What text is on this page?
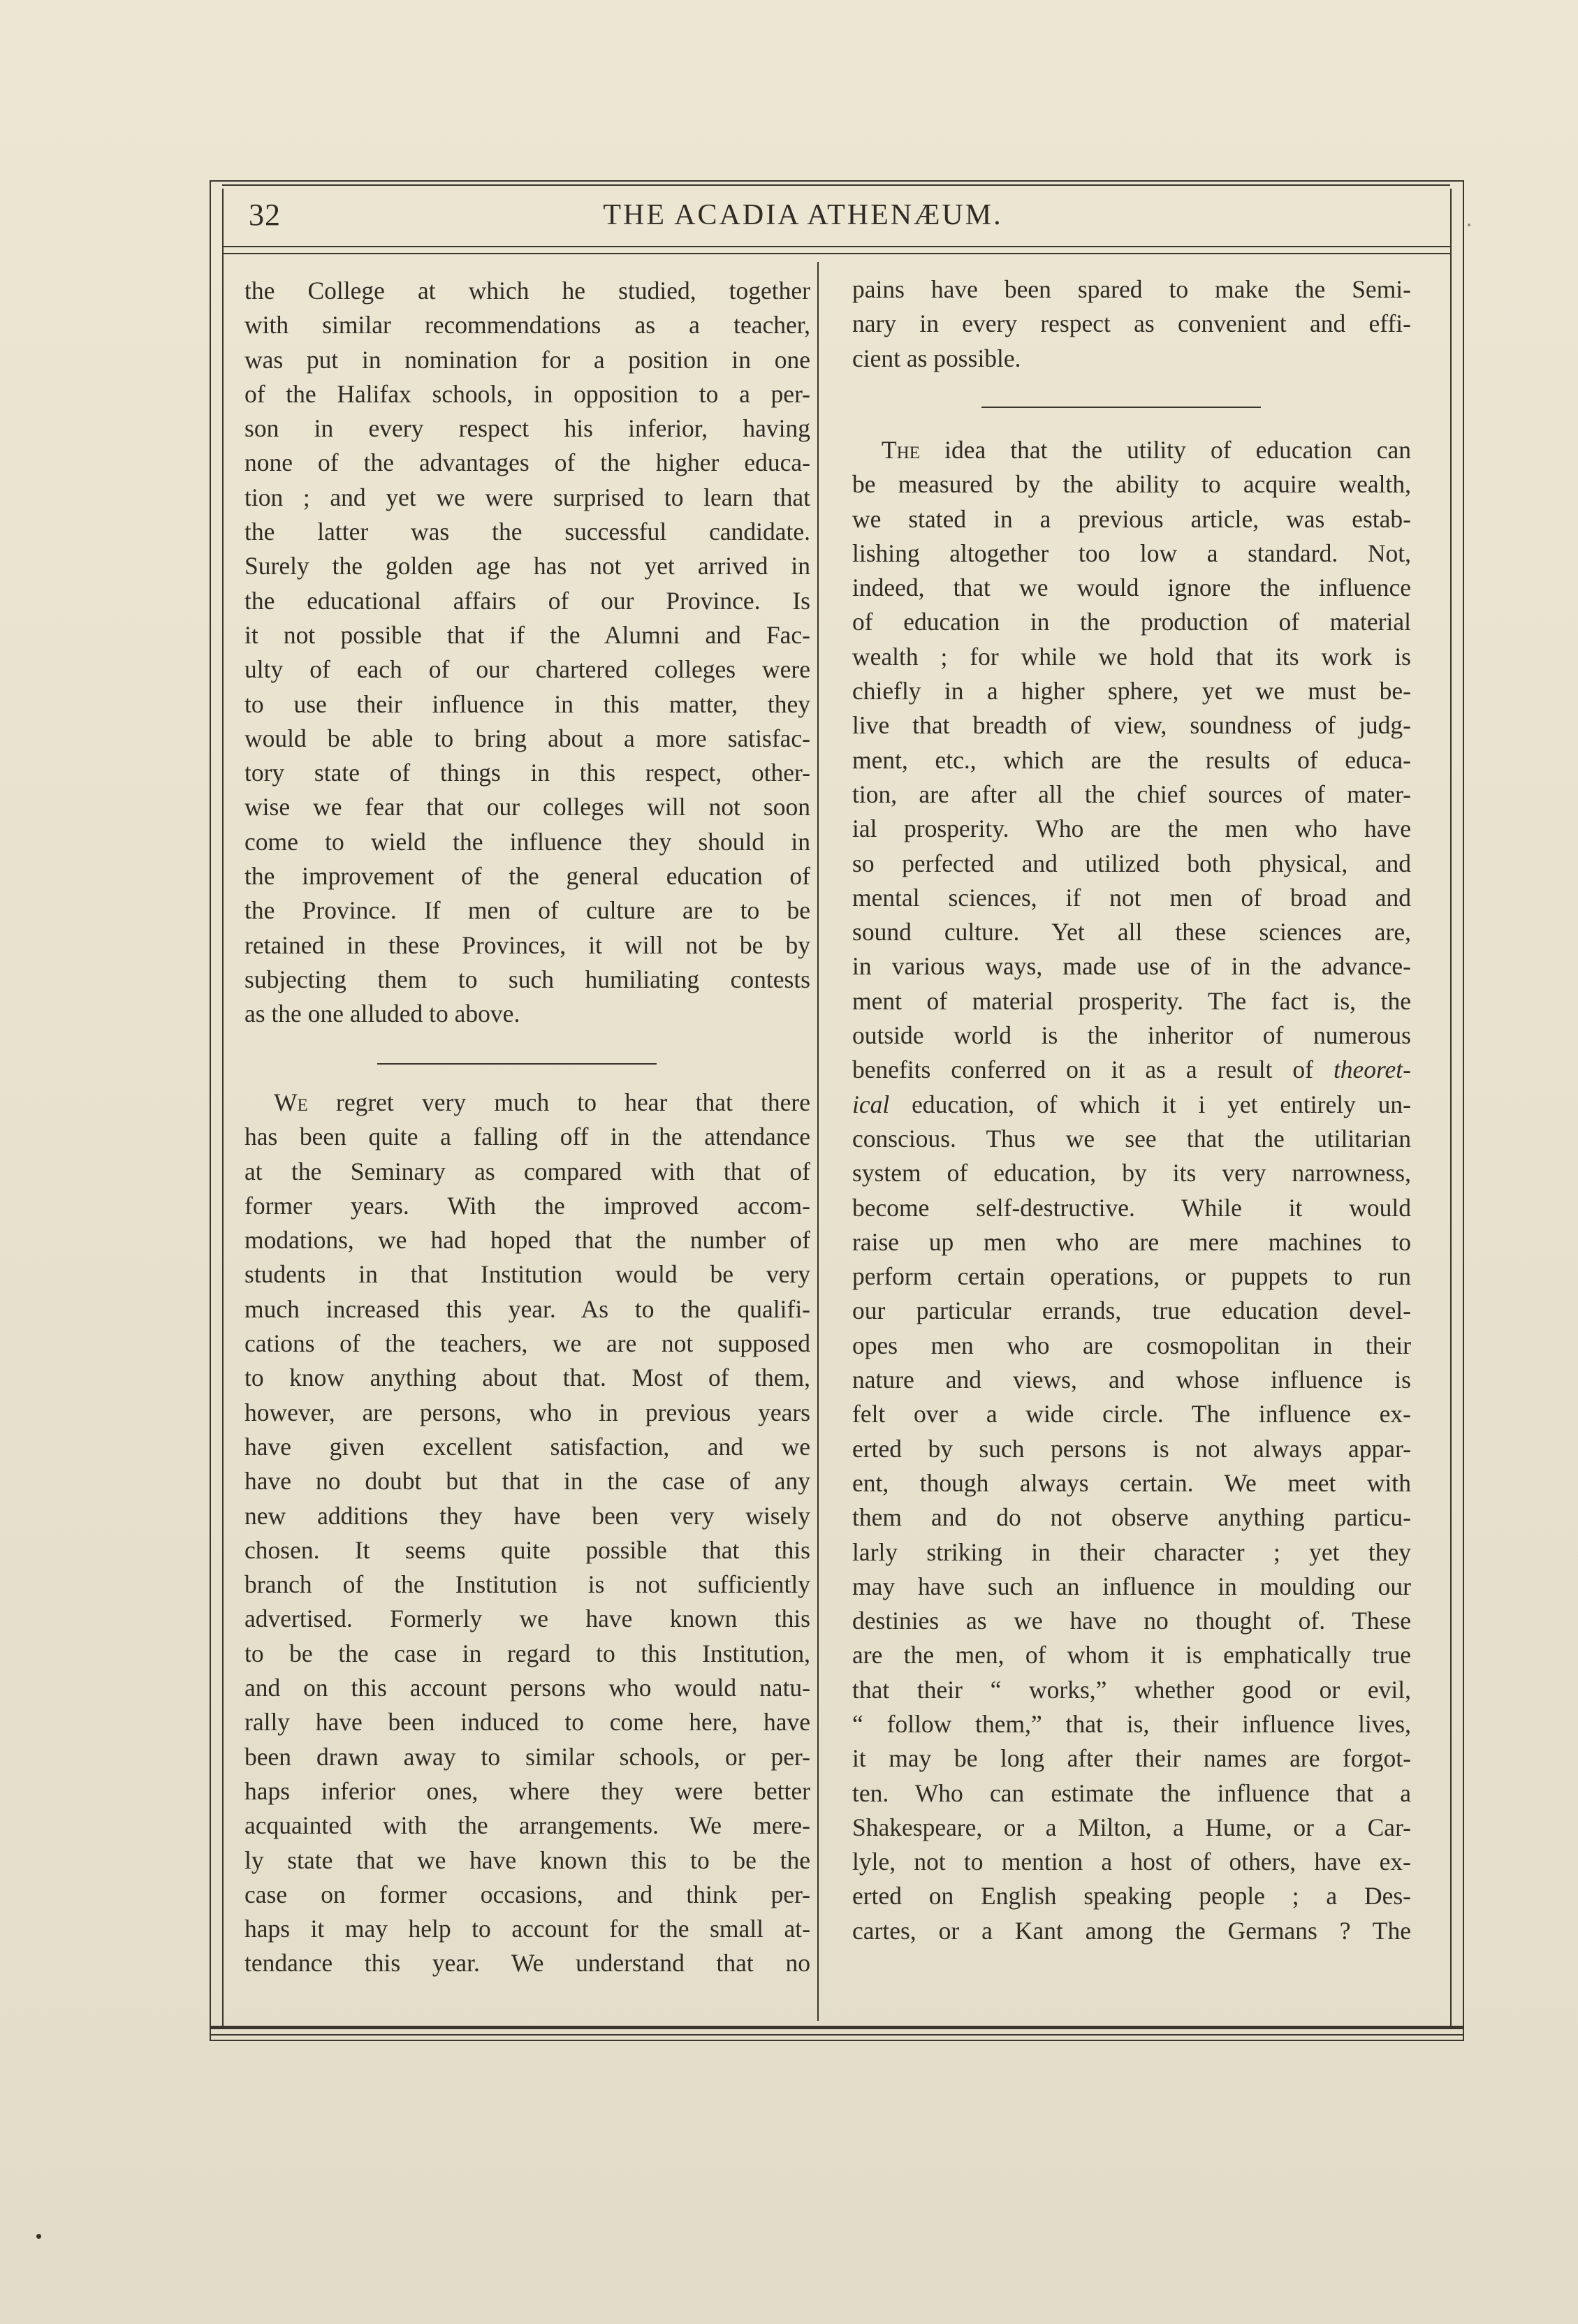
32	THE ACADIA ATHENÆUM.
the College at which he studied, together
with similar recommendations as a teacher,
was put in nomination for a position in one
of the Halifax schools, in opposition to a per-
son in every respect his inferior, having
none of the advantages of the higher educa-
tion ; and yet we were surprised to learn that
the latter was the successful candidate.
Surely the golden age has not yet arrived in
the educational affairs of our Province. Is
it not possible that if the Alumni and Fac-
ulty of each of our chartered colleges were
to use their influence in this matter, they
would be able to bring about a more satisfac-
tory state of things in this respect, other-
wise we fear that our colleges will not soon
come to wield the influence they should in
the improvement of the general education of
the Province. If men of culture are to be
retained in these Provinces, it will not be by
subjecting them to such humiliating contests
as the one alluded to above.
We regret very much to hear that there
has been quite a falling off in the attendance
at the Seminary as compared with that of
former years. With the improved accom-
modations, we had hoped that the number of
students in that Institution would be very
much increased this year. As to the qualifi-
cations of the teachers, we are not supposed
to know anything about that. Most of them,
however, are persons, who in previous years
have given excellent satisfaction, and we
have no doubt but that in the case of any
new additions they have been very wisely
chosen. It seems quite possible that this
branch of the Institution is not sufficiently
advertised. Formerly we have known this
to be the case in regard to this Institution,
and on this account persons who would natu-
rally have been induced to come here, have
been drawn away to similar schools, or per-
haps inferior ones, where they were better
acquainted with the arrangements. We mere-
ly state that we have known this to be the
case on former occasions, and think per-
haps it may help to account for the small at-
tendance this year. We understand that no
pains have been spared to make the Semi-
nary in every respect as convenient and effi-
cient as possible.
The idea that the utility of education can
be measured by the ability to acquire wealth,
we stated in a previous article, was estab-
lishing altogether too low a standard. Not,
indeed, that we would ignore the influence
of education in the production of material
wealth ; for while we hold that its work is
chiefly in a higher sphere, yet we must be-
live that breadth of view, soundness of judg-
ment, etc., which are the results of educa-
tion, are after all the chief sources of mater-
ial prosperity. Who are the men who have
so perfected and utilized both physical, and
mental sciences, if not men of broad and
sound culture. Yet all these sciences are,
in various ways, made use of in the advance-
ment of material prosperity. The fact is, the
outside world is the inheritor of numerous
benefits conferred on it as a result of theoret-
ical education, of which it i yet entirely un-
conscious. Thus we see that the utilitarian
system of education, by its very narrowness,
become self-destructive. While it would
raise up men who are mere machines to
perform certain operations, or puppets to run
our particular errands, true education devel-
opes men who are cosmopolitan in their
nature and views, and whose influence is
felt over a wide circle. The influence ex-
erted by such persons is not always appar-
ent, though always certain. We meet with
them and do not observe anything particu-
larly striking in their character ; yet they
may have such an influence in moulding our
destinies as we have no thought of. These
are the men, of whom it is emphatically true
that their “ works,” whether good or evil,
“ follow them,” that is, their influence lives,
it may be long after their names are forgot-
ten. Who can estimate the influence that a
Shakespeare, or a Milton, a Hume, or a Car-
lyle, not to mention a host of others, have ex-
erted on English speaking people ; a Des-
cartes, or a Kant among the Germans ? The
